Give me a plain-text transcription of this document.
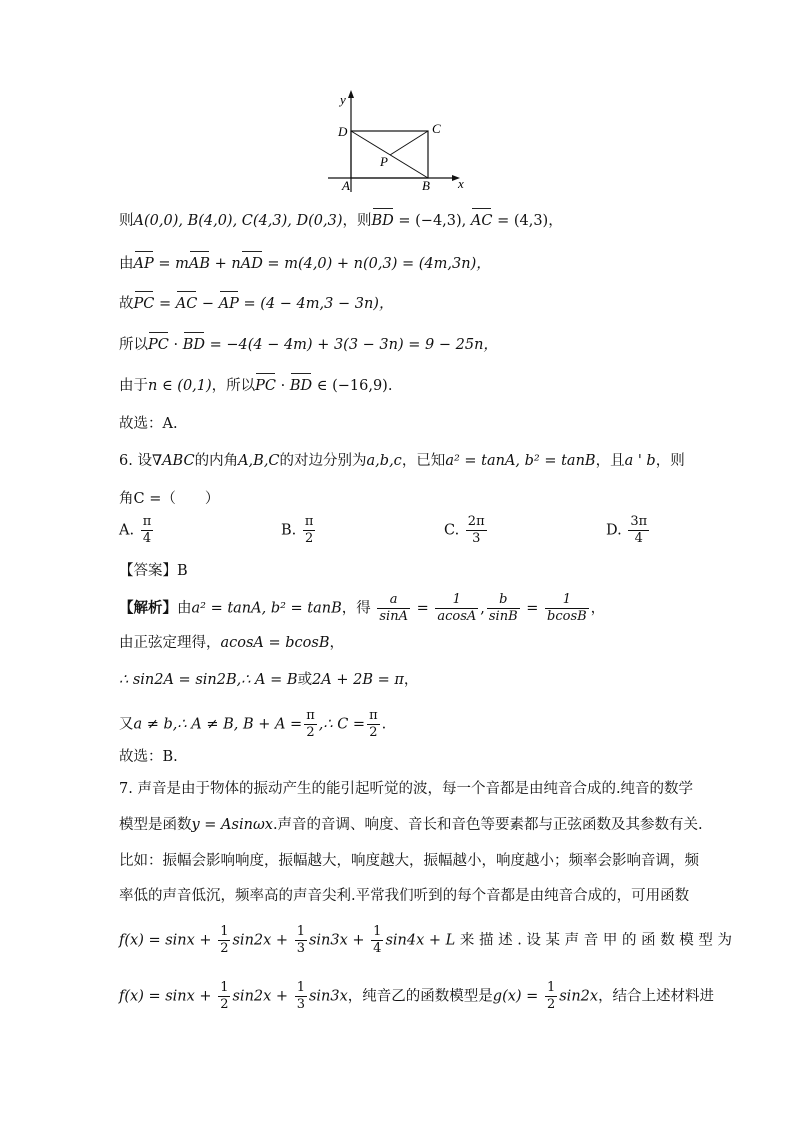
y
x
D	C
P
A	B
则A(0,0), B(4,0), C(4,3), D(0,3)，则BD = (−4,3), AC = (4,3)，
由AP = mAB + nAD = m(4,0) + n(0,3) = (4m,3n)，
故PC = AC − AP = (4 − 4m,3 − 3n)，
所以PC · BD = −4(4 − 4m) + 3(3 − 3n) = 9 − 25n，
由于n ∈ (0,1)，所以PC · BD ∈ (−16,9).
故选：A.
6. 设∇ABC的内角A,B,C的对边分别为a,b,c，已知a² = tanA, b² = tanB，且a ' b，则
角C =（　　）
A. $\frac{\pi}{4}$	B. $\frac{\pi}{2}$	C. $\frac{2\pi}{3}$	D. $\frac{3\pi}{4}$
【答案】B
【解析】由a² = tanA, b² = tanB，得 $\frac{a}{\sin A} = \frac{1}{acosA}$ , $\frac{b}{\sin B} = \frac{1}{bcosB}$ ，
由正弦定理得，acosA = bcosB，
∴ sin2A = sin2B,∴ A = B或2A + 2B = π，
又a ≠ b,∴ A ≠ B, $B + A = \frac{\pi}{2}$ ,∴ $C = \frac{\pi}{2}$ .
故选：B.
7. 声音是由于物体的振动产生的能引起听觉的波，每一个音都是由纯音合成的.纯音的数学
模型是函数y = Asinωx.声音的音调、响度、音长和音色等要素都与正弦函数及其参数有关.
比如：振幅会影响响度，振幅越大，响度越大，振幅越小，响度越小；频率会影响音调，频
率低的声音低沉，频率高的声音尖利.平常我们听到的每个音都是由纯音合成的，可用函数
$f(x) = \sin x + \frac{1}{2} \sin 2x + \frac{1}{3} \sin 3x + \frac{1}{4} \sin 4x + L$ 来 描 述 . 设 某 声 音 甲 的 函 数 模 型 为
$f(x) = \sin x + \frac{1}{2} \sin 2x + \frac{1}{3} \sin 3x$，纯音乙的函数模型是$g(x) = \frac{1}{2} \sin 2x$，结合上述材料进
